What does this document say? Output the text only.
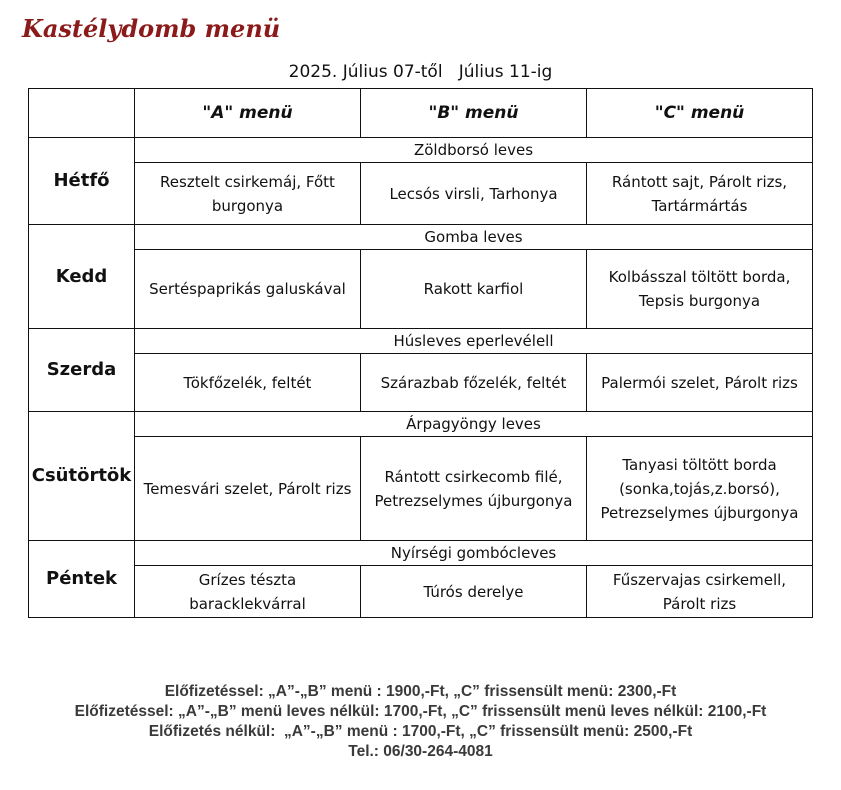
Kastélydomb menü
2025. Július 07-től   Július 11-ig
	"A" menü	"B" menü	"C" menü
Hétfő	Zöldborsó leves		
	Resztelt csirkemáj, Főtt burgonya	Lecsós virsli, Tarhonya	Rántott sajt, Párolt rizs, Tartármártás
Kedd	Gomba leves		
	Sertéspaprikás galuskával	Rakott karfiol	Kolbásszal töltött borda, Tepsis burgonya
Szerda	Húsleves eperlevélell		
	Tökfőzelék, feltét	Szárazbab főzelék, feltét	Palermói szelet, Párolt rizs
Csütörtök	Árpagyöngy leves		
	Temesvári szelet, Párolt rizs	Rántott csirkecomb filé, Petrezselymes újburgonya	Tanyasi töltött borda (sonka,tojás,z.borsó), Petrezselymes újburgonya
Péntek	Nyírségi gombócleves		
	Grízes tészta baracklekvárral	Túrós derelye	Fűszervajas csirkemell, Párolt rizs
Előfizetéssel: „A”-„B” menü : 1900,-Ft, „C” frissensült menü: 2300,-Ft
Előfizetéssel: „A”-„B” menü leves nélkül: 1700,-Ft, „C” frissensült menü leves nélkül: 2100,-Ft
Előfizetés nélkül:  „A”-„B” menü : 1700,-Ft, „C” frissensült menü: 2500,-Ft
Tel.: 06/30-264-4081
